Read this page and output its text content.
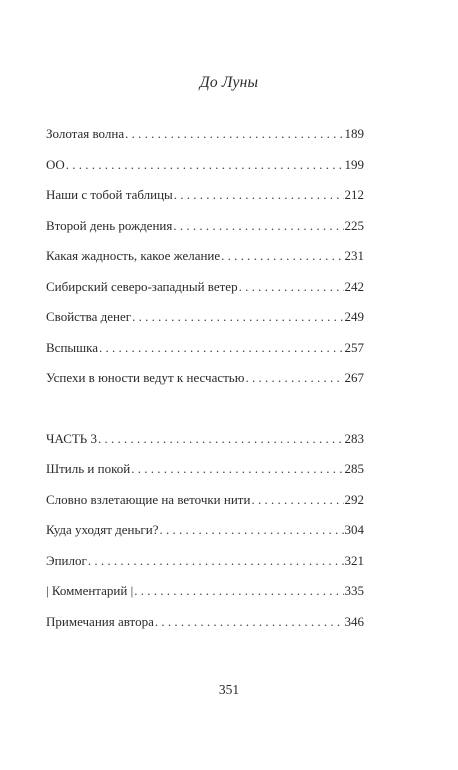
До Луны
Золотая волна . . .	189
ОО . . .	199
Наши с тобой таблицы . . .	212
Второй день рождения . . .	225
Какая жадность, какое желание . . .	231
Сибирский северо-западный ветер . . .	242
Свойства денег . . .	249
Вспышка . . .	257
Успехи в юности ведут к несчастью . . .	267
ЧАСТЬ 3 . . .	283
Штиль и покой . . .	285
Словно взлетающие на веточки нити . . .	292
Куда уходят деньги? . . .	304
Эпилог . . .	321
| Комментарий | . . .	335
Примечания автора . . .	346
351
